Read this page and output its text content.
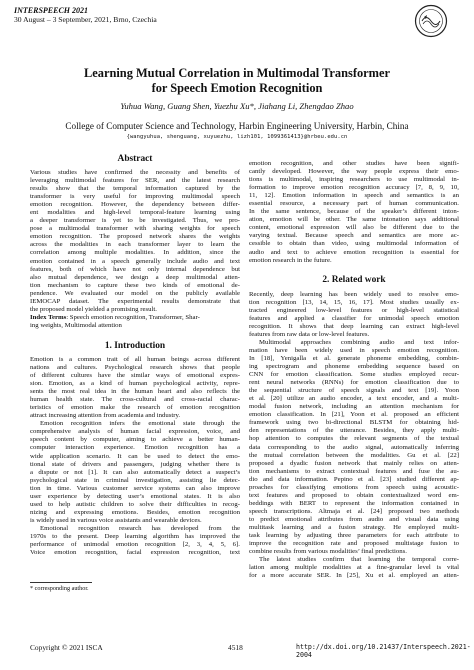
INTERSPEECH 2021
30 August – 3 September, 2021, Brno, Czechia
Learning Mutual Correlation in Multimodal Transformer
for Speech Emotion Recognition
Yuhua Wang, Guang Shen, Yuezhu Xu*, Jiahang Li, Zhengdao Zhao
College of Computer Science and Technology, Harbin Engineering University, Harbin, China
{wangyuhua, shenguang, xuyuezhu, lizh101, 1099361413}@hrbeu.edu.cn
Abstract
Various studies have confirmed the necessity and benefits of
leveraging multimodal features for SER, and the latest research
results show that the temporal information captured by the
transformer is very useful for improving multimodal speech
emotion recognition. However, the dependency between differ-
ent modalities and high-level temporal-feature learning using
a deeper transformer is yet to be investigated. Thus, we pro-
pose a multimodal transformer with sharing weights for speech
emotion recognition. The proposed network shares the weights
across the modalities in each transformer layer to learn the
correlation among multiple modalities. In addition, since the
emotion contained in a speech generally include audio and text
features, both of which have not only internal dependence but
also mutual dependence, we design a deep multimodal atten-
tion mechanism to capture these two kinds of emotional de-
pendence. We evaluated our model on the publicly available
IEMOCAP dataset. The experimental results demonstrate that
the proposed model yielded a promising result.
Index Terms: Speech emotion recognition, Transformer, Shar-
ing weights, Multimodal attention
1. Introduction
Emotion is a common trait of all human beings across different
nations and cultures. Psychological research shows that people
of different cultures have the similar ways of emotional expres-
sion. Emotion, as a kind of human psychological activity, repre-
sents the most real idea in the human heart and also reflects the
human health state. The cross-cultural and cross-racial charac-
teristics of emotion make the research of emotion recognition
attract increasing attention from academia and industry.
Emotion recognition infers the emotional state through the
comprehensive analysis of human facial expression, voice, and
speech content by computer, aiming to achieve a better human-
computer interaction experience. Emotion recognition has a
wide application scenario. It can be used to detect the emo-
tional state of drivers and passengers, judging whether there is
a dispute or not [1]. It can also automatically detect a suspect’s
psychological state in criminal investigation, assisting lie detec-
tion in time. Various customer service systems can also improve
user experience by detecting user’s emotional states. It is also
used to help autistic children to solve their difficulties in recog-
nizing and expressing emotions. Besides, emotion recognition
is widely used in various voice assistants and wearable devices.
Emotional recognition research has developed from the
1970s to the present. Deep learning algorithm has improved the
performance of unimodal emotion recognition [2, 3, 4, 5, 6].
Voice emotion recognition, facial expression recognition, text
* corresponding author.
emotion recognition, and other studies have been signifi-
cantly developed. However, the way people express their emo-
tions is multimodal, inspiring researchers to use multimodal in-
formation to improve emotion recognition accuracy [7, 8, 9, 10,
11, 12]. Emotion information in speech and semantics is an
essential resource, a necessary part of human communication.
In the same sentence, because of the speaker’s different inton-
ation, emotion will be other. The same intonation says additional
content, emotional expression will also be different due to the
varying textual. Because speech and semantics are more ac-
cessible to obtain than video, using multimodal information of
audio and text to achieve emotion recognition is essential for
emotion research in the future.
2. Related work
Recently, deep learning has been widely used to resolve emo-
tion recognition [13, 14, 15, 16, 17]. Most studies usually ex-
tracted engineered low-level features or high-level statistical
features and applied a classifier for unimodal speech emotion
recognition. It shows that deep learning can extract high-level
features from raw data or low-level features.
Multimodal approaches combining audio and text infor-
mation have been widely used in speech emotion recognition.
In [18], Yenigalla et al. generate phoneme embedding, combin-
ing spectrogram and phoneme embedding sequence based on
CNN for emotion classification. Some studies employed recur-
rent neural networks (RNNs) for emotion classification due to
the sequential structure of speech signals and text [19]. Yoon
et al. [20] utilize an audio encoder, a text encoder, and a multi-
modal fusion network, including an attention mechanism for
emotion classification. In [21], Yoon et al. proposed an efficient
framework using two bi-directional BLSTM for obtaining hid-
den representations of the utterance. Besides, they apply multi-
hop attention to computes the relevant segments of the textual
data corresponding to the audio signal, automatically inferring
the mutual correlation between the modalities. Gu et al. [22]
proposed a dyadic fusion network that mainly relies on atten-
tion mechanisms to extract contextual features and fuse the au-
dio and data information. Pepino et al. [23] studied different ap-
proaches for classifying emotions from speech using acoustic-
text features and proposed to obtain contextualized word em-
beddings with BERT to represent the information contained in
speech transcriptions. Altmaja et al. [24] proposed two methods
to predict emotional attributes from audio and visual data using
multitask learning and a fusion strategy. He employed multi-
task learning by adjusting three parameters for each attribute to
improve the recognition rate and proposed multistage fusion to
combine results from various modalities’ final predictions.
The latest studies confirm that learning the temporal corre-
lation among multiple modalities at a fine-granular level is vital
for a more accurate SER. In [25], Xu et al. employed an atten-
Copyright © 2021 ISCA	4518	http://dx.doi.org/10.21437/Interspeech.2021-2004
